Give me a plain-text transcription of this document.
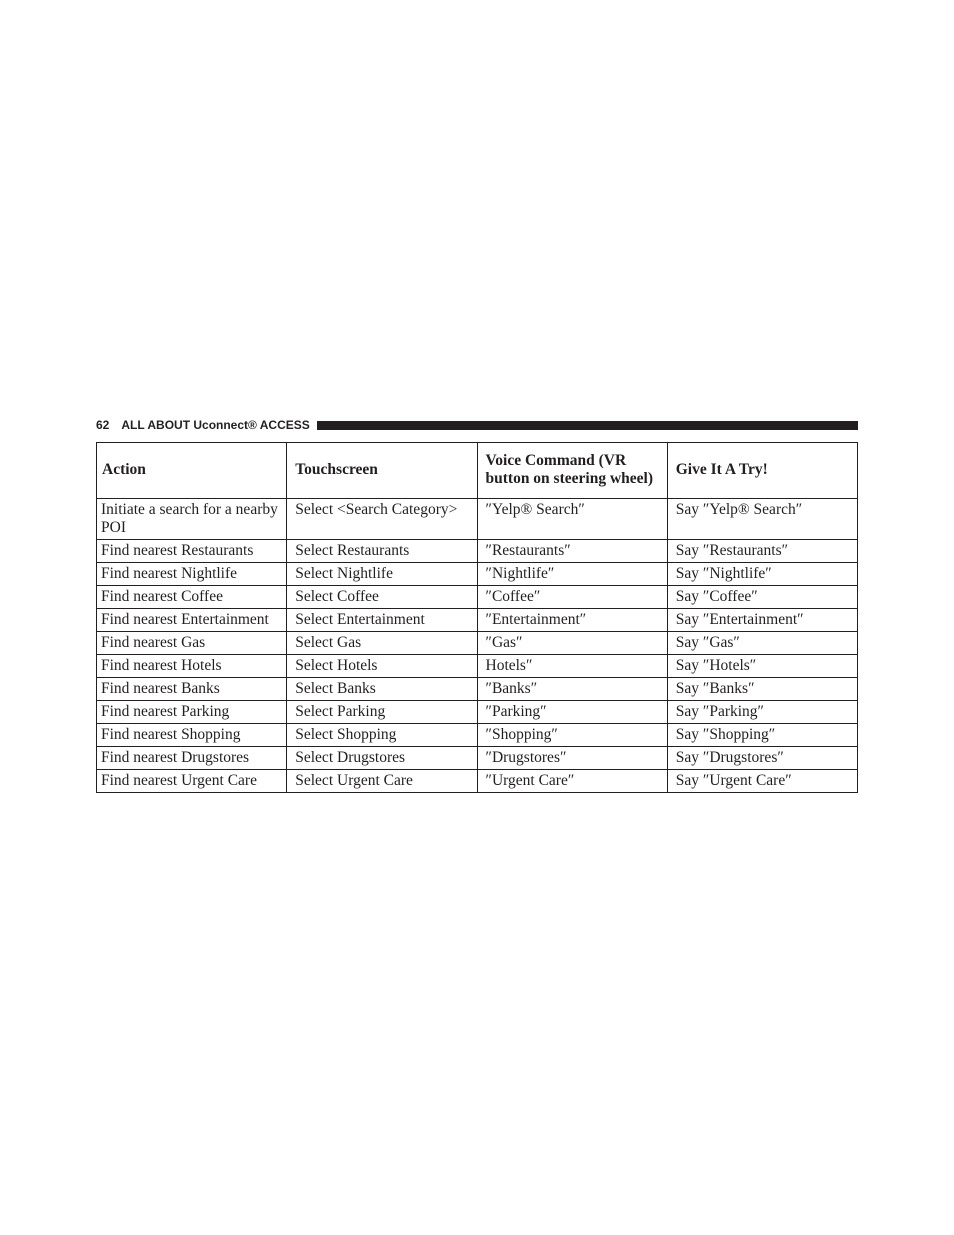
62 ALL ABOUT Uconnect® ACCESS
Action	Touchscreen	Voice Command (VR button on steering wheel)	Give It A Try!
Initiate a search for a nearby POI	Select <Search Category>	″Yelp® Search″	Say ″Yelp® Search″
Find nearest Restaurants	Select Restaurants	″Restaurants″	Say ″Restaurants″
Find nearest Nightlife	Select Nightlife	″Nightlife″	Say ″Nightlife″
Find nearest Coffee	Select Coffee	″Coffee″	Say ″Coffee″
Find nearest Entertainment	Select Entertainment	″Entertainment″	Say ″Entertainment″
Find nearest Gas	Select Gas	″Gas″	Say ″Gas″
Find nearest Hotels	Select Hotels	Hotels″	Say ″Hotels″
Find nearest Banks	Select Banks	″Banks″	Say ″Banks″
Find nearest Parking	Select Parking	″Parking″	Say ″Parking″
Find nearest Shopping	Select Shopping	″Shopping″	Say ″Shopping″
Find nearest Drugstores	Select Drugstores	″Drugstores″	Say ″Drugstores″
Find nearest Urgent Care	Select Urgent Care	″Urgent Care″	Say ″Urgent Care″
